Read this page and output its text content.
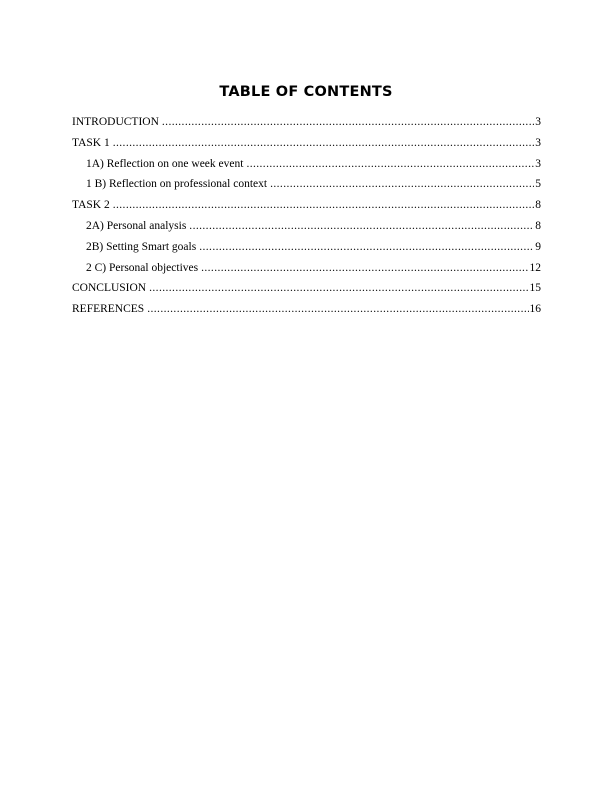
TABLE OF CONTENTS
INTRODUCTION .....	3
TASK 1 .....	3
1A) Reflection on one week event .....	3
1 B) Reflection on professional context .....	5
TASK 2 .....	8
2A) Personal analysis .....	8
2B) Setting Smart goals .....	9
2 C) Personal objectives .....	12
CONCLUSION .....	15
REFERENCES .....	16
